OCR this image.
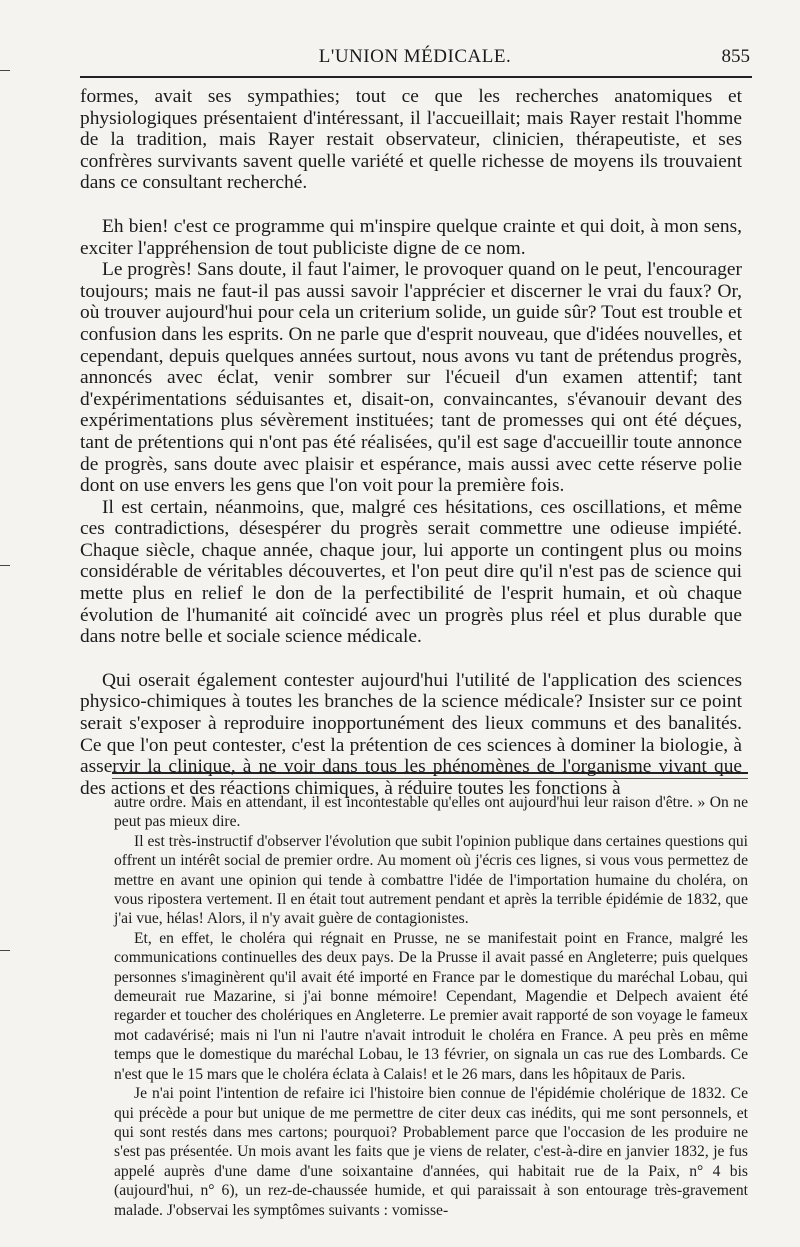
L'UNION MÉDICALE.	855

formes, avait ses sympathies; tout ce que les recherches anatomiques et physiologiques présentaient d'intéressant, il l'accueillait; mais Rayer restait l'homme de la tradition, mais Rayer restait observateur, clinicien, thérapeutiste, et ses confrères survivants savent quelle variété et quelle richesse de moyens ils trouvaient dans ce consultant recherché.

Eh bien! c'est ce programme qui m'inspire quelque crainte et qui doit, à mon sens, exciter l'appréhension de tout publiciste digne de ce nom.

Le progrès! Sans doute, il faut l'aimer, le provoquer quand on le peut, l'encourager toujours; mais ne faut-il pas aussi savoir l'apprécier et discerner le vrai du faux? Or, où trouver aujourd'hui pour cela un criterium solide, un guide sûr? Tout est trouble et confusion dans les esprits. On ne parle que d'esprit nouveau, que d'idées nouvelles, et cependant, depuis quelques années surtout, nous avons vu tant de prétendus progrès, annoncés avec éclat, venir sombrer sur l'écueil d'un examen attentif; tant d'expérimentations séduisantes et, disait-on, convaincantes, s'évanouir devant des expérimentations plus sévèrement instituées; tant de promesses qui ont été déçues, tant de prétentions qui n'ont pas été réalisées, qu'il est sage d'accueillir toute annonce de progrès, sans doute avec plaisir et espérance, mais aussi avec cette réserve polie dont on use envers les gens que l'on voit pour la première fois.

Il est certain, néanmoins, que, malgré ces hésitations, ces oscillations, et même ces contradictions, désespérer du progrès serait commettre une odieuse impiété. Chaque siècle, chaque année, chaque jour, lui apporte un contingent plus ou moins considérable de véritables découvertes, et l'on peut dire qu'il n'est pas de science qui mette plus en relief le don de la perfectibilité de l'esprit humain, et où chaque évolution de l'humanité ait coïncidé avec un progrès plus réel et plus durable que dans notre belle et sociale science médicale.

Qui oserait également contester aujourd'hui l'utilité de l'application des sciences physico-chimiques à toutes les branches de la science médicale? Insister sur ce point serait s'exposer à reproduire inopportunément des lieux communs et des banalités. Ce que l'on peut contester, c'est la prétention de ces sciences à dominer la biologie, à asservir la clinique, à ne voir dans tous les phénomènes de l'organisme vivant que des actions et des réactions chimiques, à réduire toutes les fonctions à

autre ordre. Mais en attendant, il est incontestable qu'elles ont aujourd'hui leur raison d'être. » On ne peut pas mieux dire.

Il est très-instructif d'observer l'évolution que subit l'opinion publique dans certaines questions qui offrent un intérêt social de premier ordre. Au moment où j'écris ces lignes, si vous vous permettez de mettre en avant une opinion qui tende à combattre l'idée de l'importation humaine du choléra, on vous ripostera vertement. Il en était tout autrement pendant et après la terrible épidémie de 1832, que j'ai vue, hélas! Alors, il n'y avait guère de contagionistes.

Et, en effet, le choléra qui régnait en Prusse, ne se manifestait point en France, malgré les communications continuelles des deux pays. De la Prusse il avait passé en Angleterre; puis quelques personnes s'imaginèrent qu'il avait été importé en France par le domestique du maréchal Lobau, qui demeurait rue Mazarine, si j'ai bonne mémoire! Cependant, Magendie et Delpech avaient été regarder et toucher des cholériques en Angleterre. Le premier avait rapporté de son voyage le fameux mot cadavérisé; mais ni l'un ni l'autre n'avait introduit le choléra en France. A peu près en même temps que le domestique du maréchal Lobau, le 13 février, on signala un cas rue des Lombards. Ce n'est que le 15 mars que le choléra éclata à Calais! et le 26 mars, dans les hôpitaux de Paris.

Je n'ai point l'intention de refaire ici l'histoire bien connue de l'épidémie cholérique de 1832. Ce qui précède a pour but unique de me permettre de citer deux cas inédits, qui me sont personnels, et qui sont restés dans mes cartons; pourquoi? Probablement parce que l'occasion de les produire ne s'est pas présentée. Un mois avant les faits que je viens de relater, c'est-à-dire en janvier 1832, je fus appelé auprès d'une dame d'une soixantaine d'années, qui habitait rue de la Paix, n° 4 bis (aujourd'hui, n° 6), un rez-de-chaussée humide, et qui paraissait à son entourage très-gravement malade. J'observai les symptômes suivants : vomisse-
